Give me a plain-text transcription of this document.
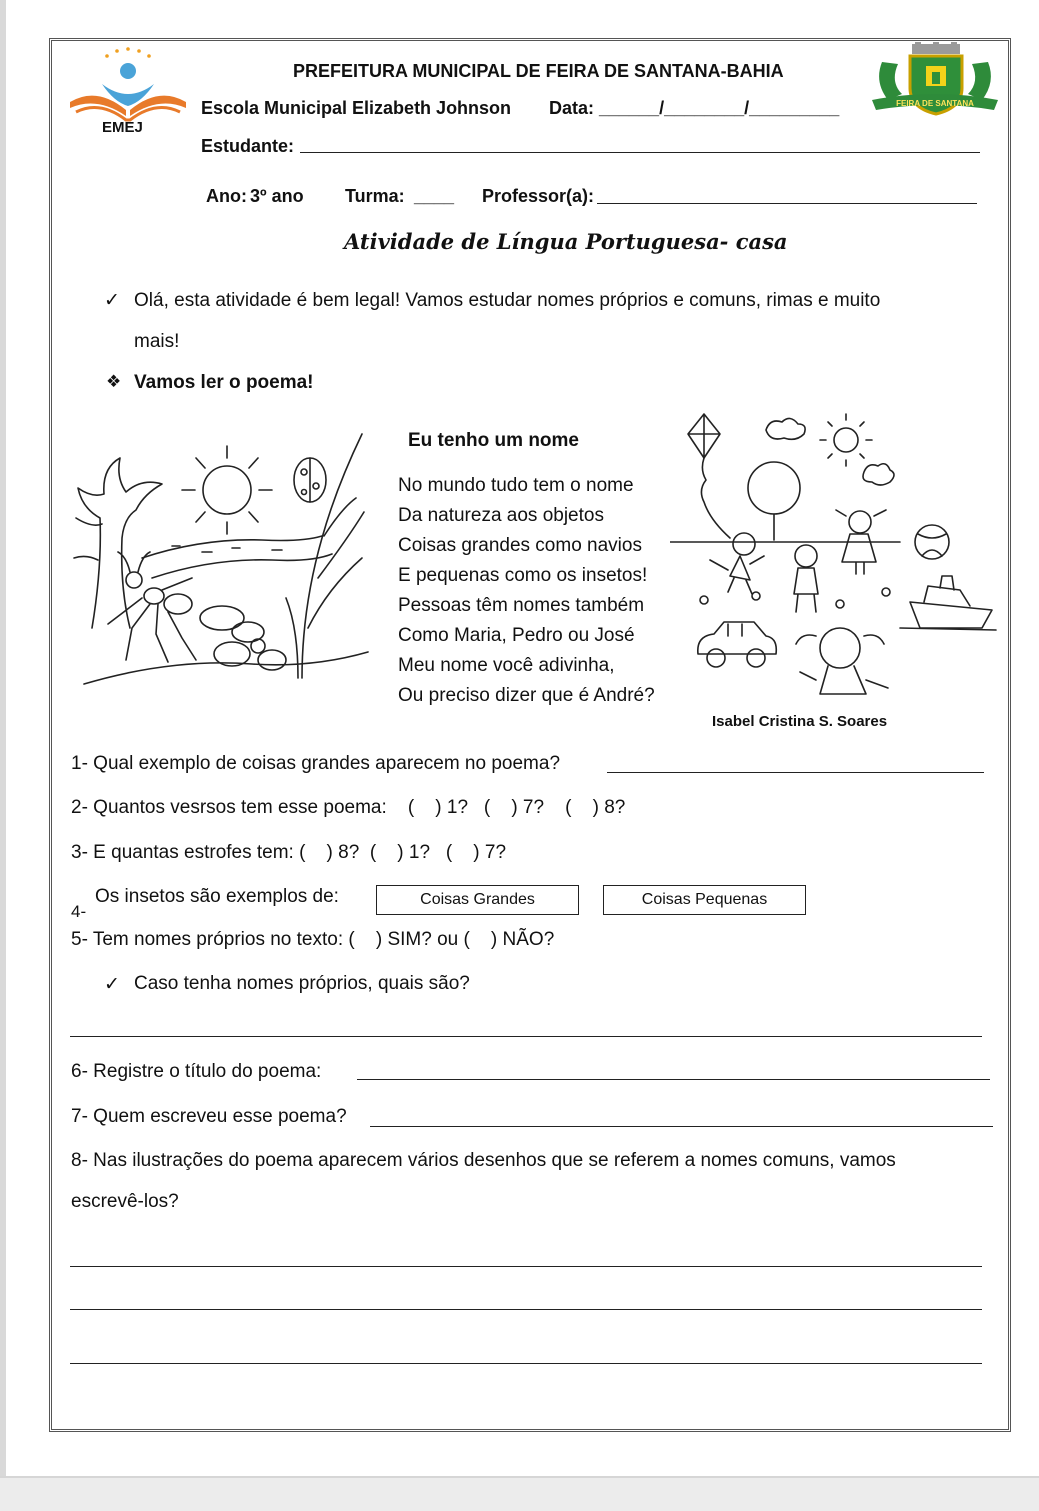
EMEJ
FEIRA DE SANTANA
PREFEITURA MUNICIPAL DE FEIRA DE SANTANA-BAHIA
Escola Municipal Elizabeth Johnson Data: ______/________/_________
Estudante:
Ano: 3º ano Turma: ____ Professor(a):
Atividade de Língua Portuguesa- casa
✓ Olá, esta atividade é bem legal! Vamos estudar nomes próprios e comuns, rimas e muito
mais!
❖ Vamos ler o poema!
Eu tenho um nome
No mundo tudo tem o nome
Da natureza aos objetos
Coisas grandes como navios
E pequenas como os insetos!
Pessoas têm nomes também
Como Maria, Pedro ou José
Meu nome você adivinha,
Ou preciso dizer que é André?
Isabel Cristina S. Soares
1- Qual exemplo de coisas grandes aparecem no poema?
2- Quantos vesrsos tem esse poema:    (    ) 1?   (    ) 7?    (    ) 8?
3- E quantas estrofes tem: (    ) 8?  (    ) 1?   (    ) 7?
4-
Os insetos são exemplos de:	Coisas Grandes	Coisas Pequenas
5- Tem nomes próprios no texto: (    ) SIM? ou (    ) NÃO?
✓ Caso tenha nomes próprios, quais são?
6- Registre o título do poema:
7- Quem escreveu esse poema?
8- Nas ilustrações do poema aparecem vários desenhos que se referem a nomes comuns, vamos
escrevê-los?
